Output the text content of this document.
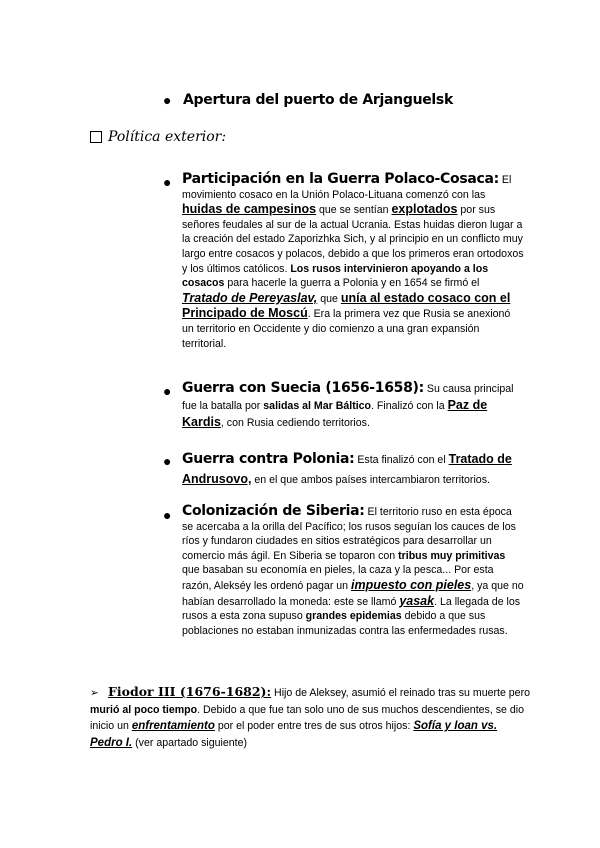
● Apertura del puerto de Arjanguelsk
Política exterior:
● Participación en la Guerra Polaco-Cosaca: El movimiento cosaco en la Unión Polaco-Lituana comenzó con las huidas de campesinos que se sentían explotados por sus señores feudales al sur de la actual Ucrania. Estas huidas dieron lugar a la creación del estado Zaporizhka Sich, y al principio en un conflicto muy largo entre cosacos y polacos, debido a que los primeros eran ortodoxos y los últimos católicos. Los rusos intervinieron apoyando a los cosacos para hacerle la guerra a Polonia y en 1654 se firmó el Tratado de Pereyaslav, que unía al estado cosaco con el Principado de Moscú. Era la primera vez que Rusia se anexionó un territorio en Occidente y dio comienzo a una gran expansión territorial.
● Guerra con Suecia (1656-1658): Su causa principal fue la batalla por salidas al Mar Báltico. Finalizó con la Paz de Kardis, con Rusia cediendo territorios.
● Guerra contra Polonia: Esta finalizó con el Tratado de Andrusovo, en el que ambos países intercambiaron territorios.
● Colonización de Siberia: El territorio ruso en esta época se acercaba a la orilla del Pacífico; los rusos seguían los cauces de los ríos y fundaron ciudades en sitios estratégicos para desarrollar un comercio más ágil. En Siberia se toparon con tribus muy primitivas que basaban su economía en pieles, la caza y la pesca... Por esta razón, Alekséy les ordenó pagar un impuesto con pieles, ya que no habían desarrollado la moneda: este se llamó yasak. La llegada de los rusos a esta zona supuso grandes epidemias debido a que sus poblaciones no estaban inmunizadas contra las enfermedades rusas.
➢ Fiodor III (1676-1682): Hijo de Aleksey, asumió el reinado tras su muerte pero murió al poco tiempo. Debido a que fue tan solo uno de sus muchos descendientes, se dio inicio un enfrentamiento por el poder entre tres de sus otros hijos: Sofía y Ioan vs. Pedro I. (ver apartado siguiente)
